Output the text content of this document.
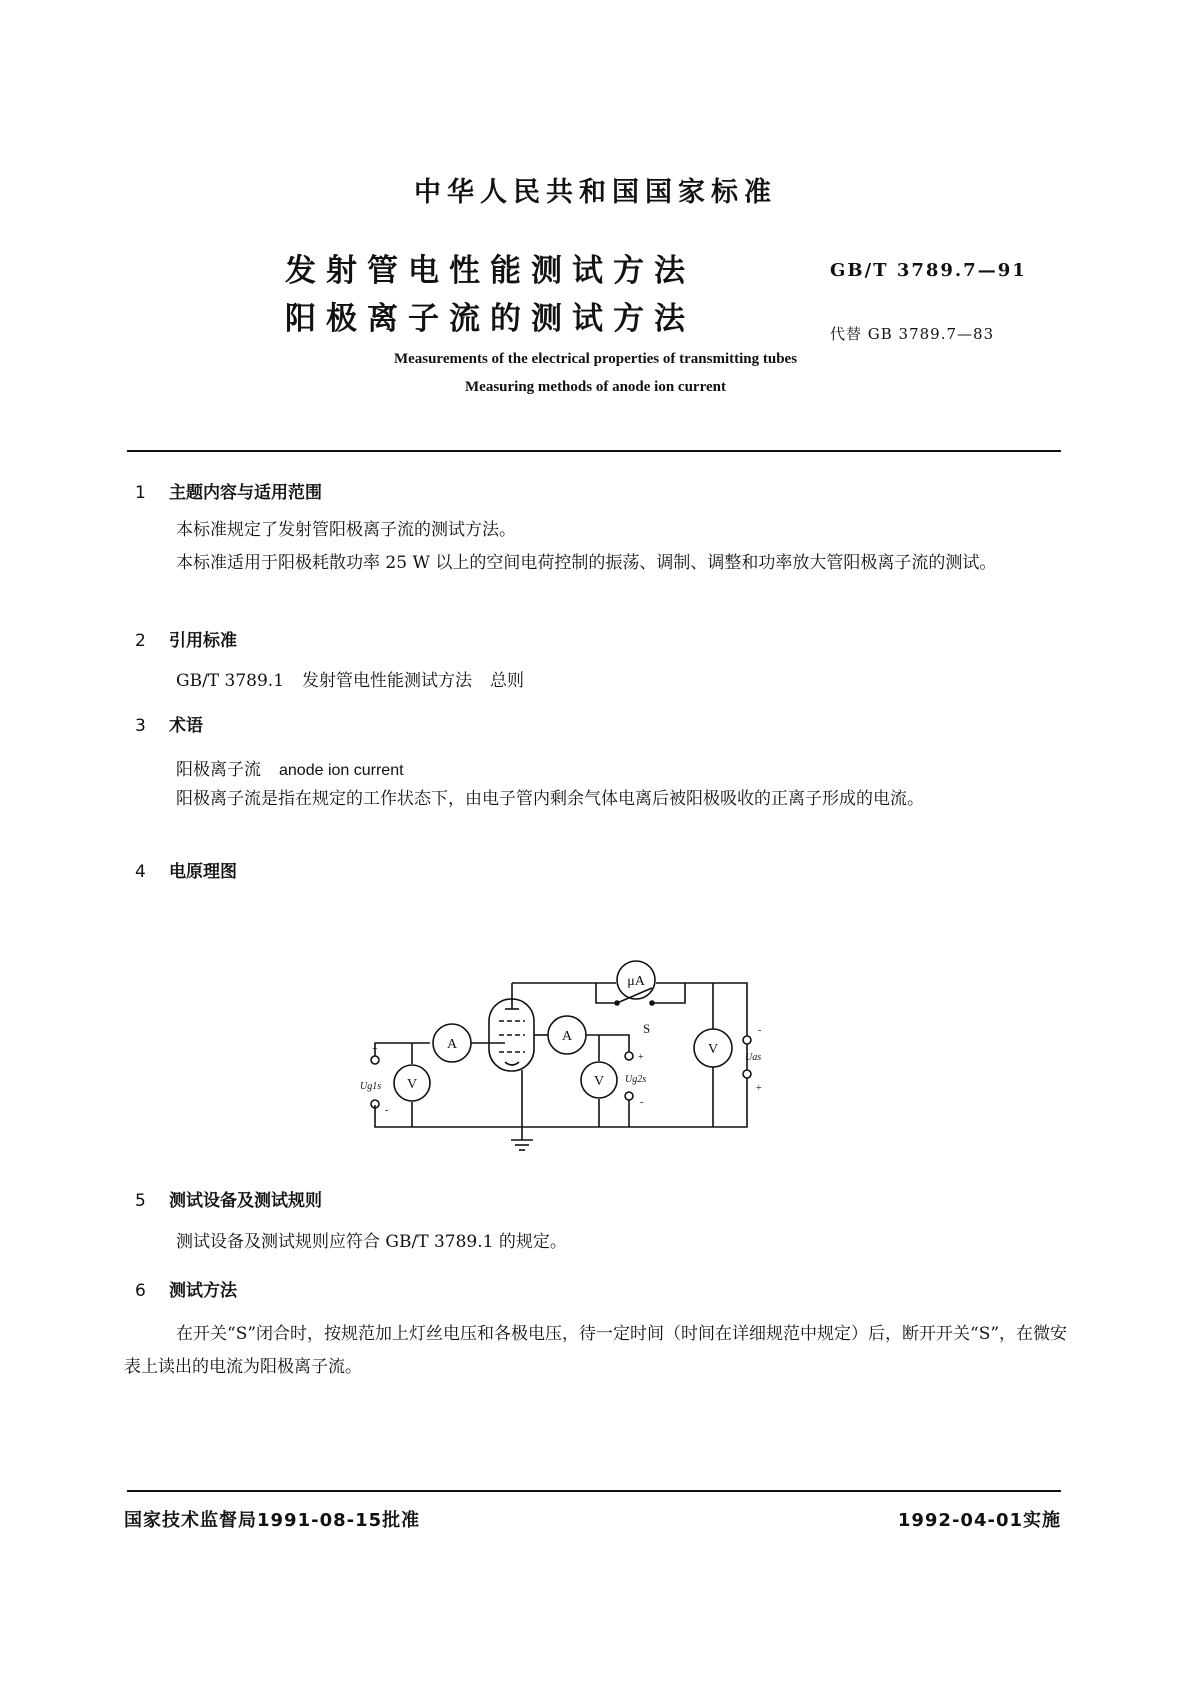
中华人民共和国国家标准
发射管电性能测试方法
阳极离子流的测试方法
GB/T 3789.7—91
代替 GB 3789.7—83
Measurements of the electrical properties of transmitting tubes
Measuring methods of anode ion current
1 主题内容与适用范围

本标准规定了发射管阳极离子流的测试方法。

本标准适用于阳极耗散功率 25 W 以上的空间电荷控制的振荡、调制、调整和功率放大管阳极离子流的测试。

2 引用标准
GB/T 3789.1 发射管电性能测试方法 总则
3 术语
阳极离子流 anode ion current

阳极离子流是指在规定的工作状态下，由电子管内剩余气体电离后被阳极吸收的正离子形成的电流。

4 电原理图
μA
A
A
V	V
V
S
+
-
+
-
-
+
Ug1s
Ug2s
Uas
5 测试设备及测试规则

测试设备及测试规则应符合 GB/T 3789.1 的规定。

6 测试方法

在开关“S”闭合时，按规范加上灯丝电压和各极电压，待一定时间（时间在详细规范中规定）后，断开开关“S”，在微安表上读出的电流为阳极离子流。

国家技术监督局1991-08-15批准	1992-04-01实施
